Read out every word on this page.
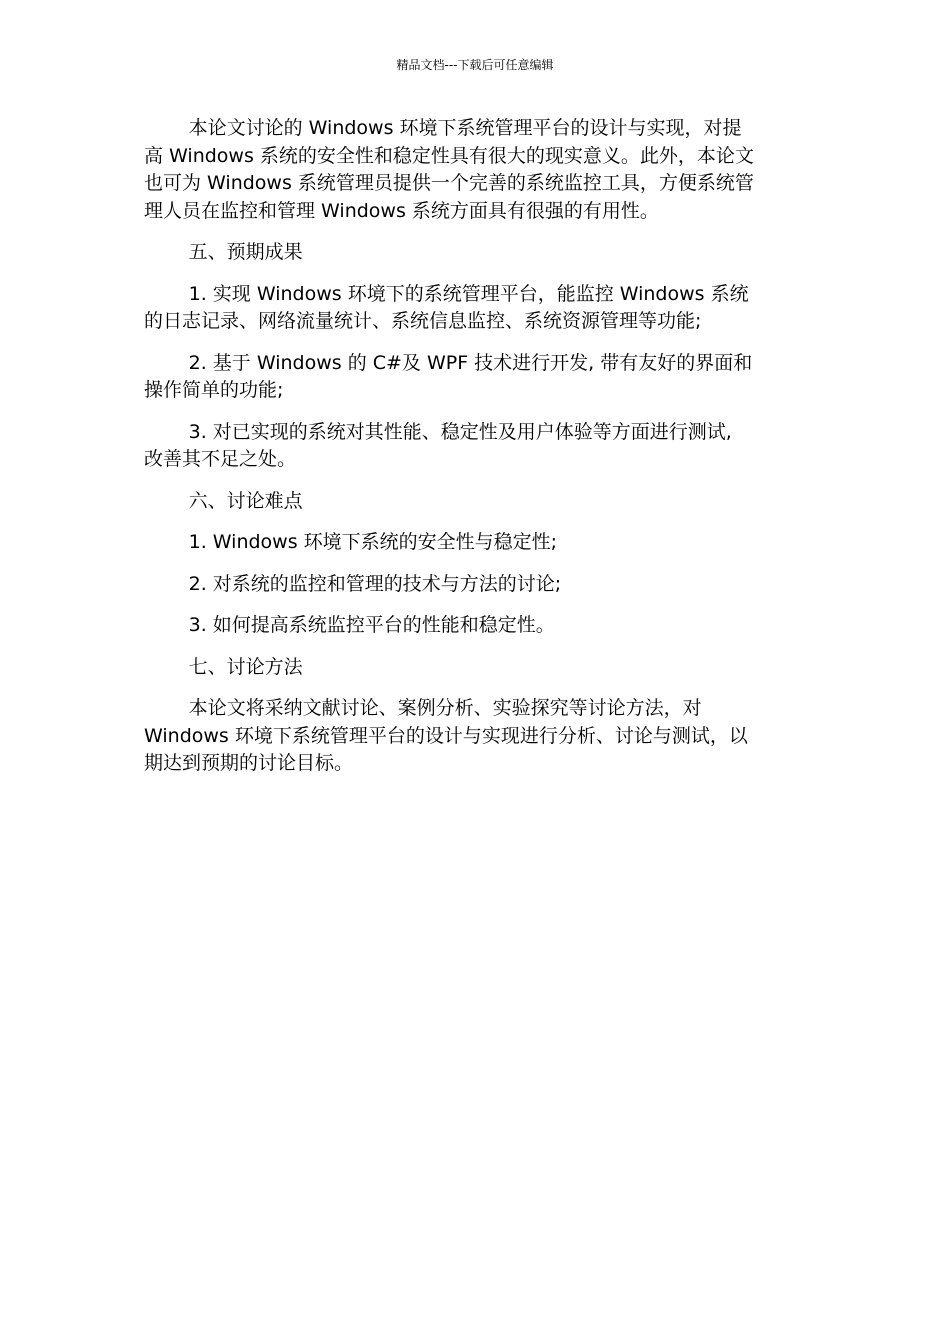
精品文档---下载后可任意编辑

本论文讨论的 Windows 环境下系统管理平台的设计与实现，对提
高 Windows 系统的安全性和稳定性具有很大的现实意义。此外，本论文
也可为 Windows 系统管理员提供一个完善的系统监控工具，方便系统管
理人员在监控和管理 Windows 系统方面具有很强的有用性。

五、预期成果

1. 实现 Windows 环境下的系统管理平台，能监控 Windows 系统
的日志记录、网络流量统计、系统信息监控、系统资源管理等功能;

2. 基于 Windows 的 C#及 WPF 技术进行开发, 带有友好的界面和
操作简单的功能;

3. 对已实现的系统对其性能、稳定性及用户体验等方面进行测试,
改善其不足之处。

六、讨论难点

1. Windows 环境下系统的安全性与稳定性;

2. 对系统的监控和管理的技术与方法的讨论;

3. 如何提高系统监控平台的性能和稳定性。

七、讨论方法

本论文将采纳文献讨论、案例分析、实验探究等讨论方法，对
Windows 环境下系统管理平台的设计与实现进行分析、讨论与测试，以
期达到预期的讨论目标。
